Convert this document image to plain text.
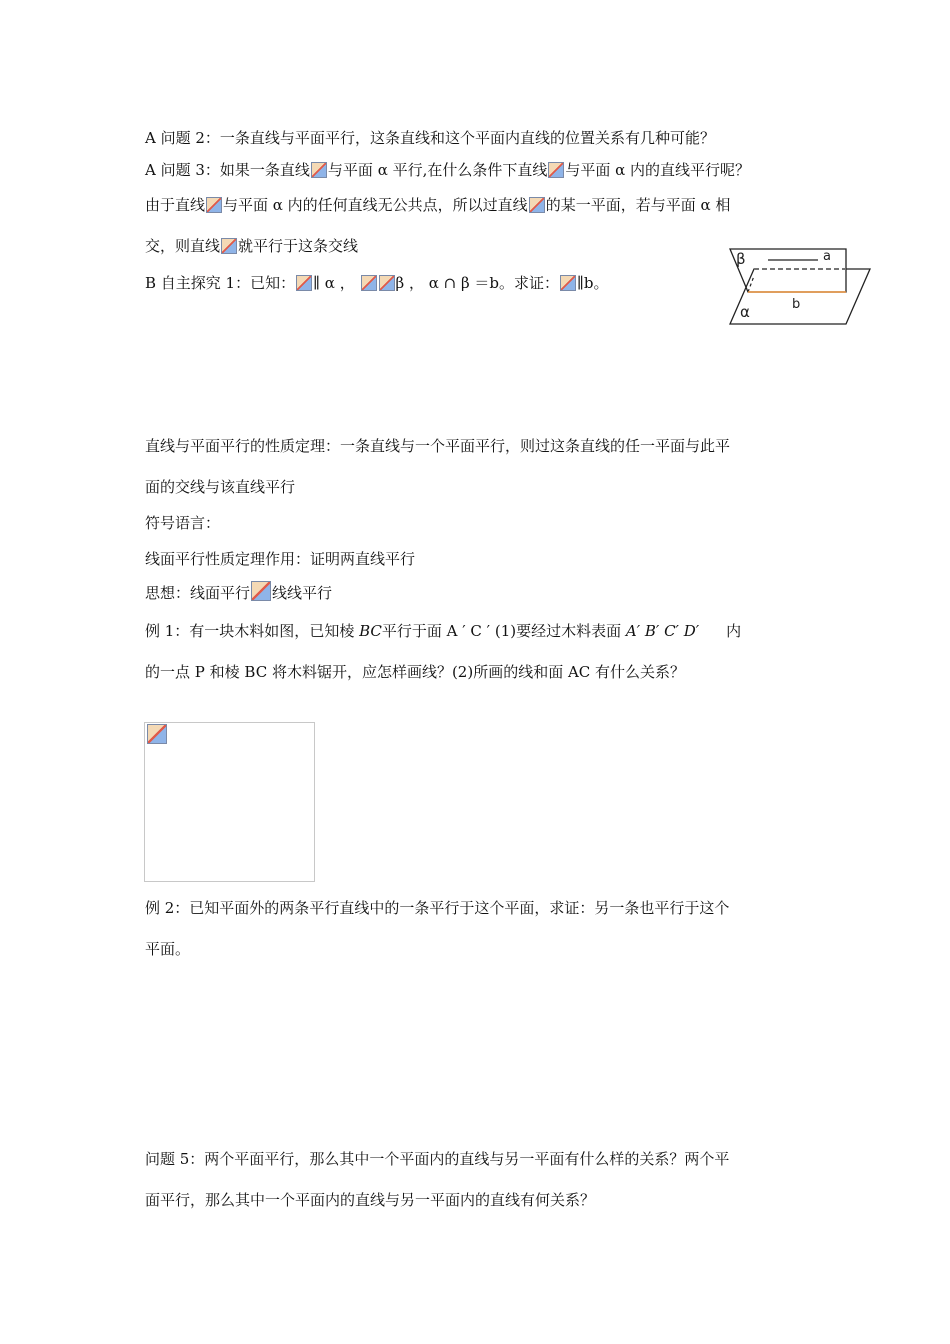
A 问题 2：一条直线与平面平行，这条直线和这个平面内直线的位置关系有几种可能？
A 问题 3：如果一条直线 与平面 α 平行,在什么条件下直线 与平面 α 内的直线平行呢？
由于直线 与平面 α 内的任何直线无公共点，所以过直线 的某一平面，若与平面 α 相
交，则直线 就平行于这条交线
B 自主探究 1：已知： ∥ α ，	β ， α ∩ β ＝b。求证： ∥b。
β	a
b
α
直线与平面平行的性质定理：一条直线与一个平面平行，则过这条直线的任一平面与此平
面的交线与该直线平行
符号语言：
线面平行性质定理作用：证明两直线平行
思想：线面平行 线线平行
例 1：有一块木料如图，已知棱 BC平行于面 A ′ C ′ (1)要经过木料表面 A′ B′ C′ D′ 内
的一点 P 和棱 BC 将木料锯开，应怎样画线？(2)所画的线和面 AC 有什么关系？
例 2：已知平面外的两条平行直线中的一条平行于这个平面，求证：另一条也平行于这个
平面。
问题 5：两个平面平行，那么其中一个平面内的直线与另一平面有什么样的关系？两个平
面平行，那么其中一个平面内的直线与另一平面内的直线有何关系？
